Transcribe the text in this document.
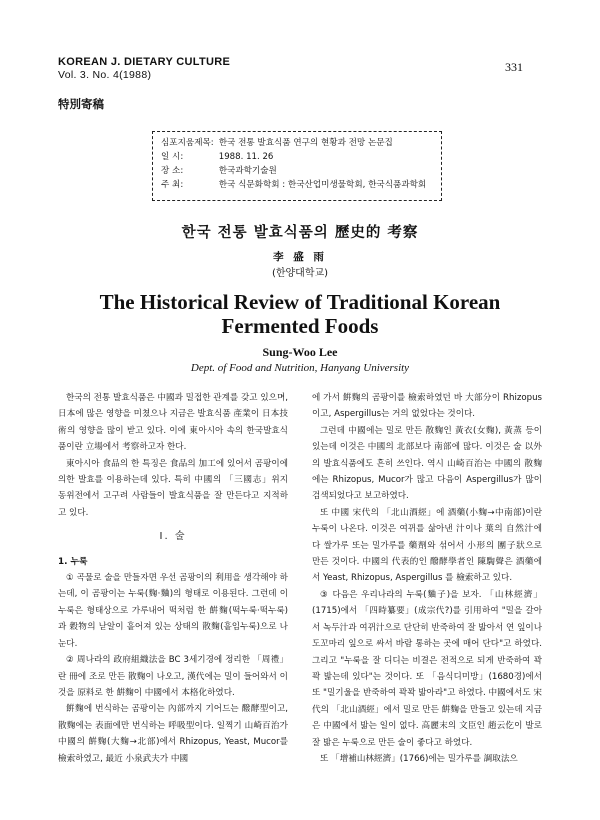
KOREAN J. DIETARY CULTURE
Vol. 3. No. 4(1988)
331
特別寄稿
심포지움제목: 한국 전통 발효식품 연구의 현황과 전망 논문집
일 시:	1988. 11. 26
장 소:	한국과학기술원
주 최:	한국 식문화학회 : 한국산업미생물학회, 한국식품과학회
한국 전통 발효식품의 歷史的 考察
李 盛 雨
(한양대학교)
The Historical Review of Traditional Korean
Fermented Foods
Sung-Woo Lee
Dept. of Food and Nutrition, Hanyang University

한국의 전통 발효식품은 中國과 밀접한 관계를 갖고 있으며, 日本에 많은 영향을 미쳤으나 지금은 발효식품 產業이 日本技術의 영향을 많이 받고 있다. 이에 東아시아 속의 한국발효식품이란 立場에서 考察하고자 한다.

東아시아 食品의 한 특징은 食品의 加工에 있어서 곰팡이에 의한 발효를 이용하는데 있다. 특히 中國의 「三國志」위지 동위전에서 고구려 사람들이 발효식품을 잘 만든다고 지적하고 있다.

I. 술
1. 누룩

① 곡물로 술을 만들자면 우선 곰팡이의 利用을 생각해야 하는데, 이 곰팡이는 누룩(麴·麯)의 형태로 이용된다. 그런데 이 누룩은 형태상으로 가루내어 떡처럼 한 餠麴(떡누룩·떡누룩)과 穀物의 낟알이 흩어져 있는 상태의 散麴(흩임누룩)으로 나눈다.

② 周나라의 政府組織法을 BC 3세기경에 정리한 「周禮」란 冊에 조로 만든 散麴이 나오고, 漢代에는 밀이 들어와서 이것을 原料로 한 餠麴이 中國에서 本格化하였다.

餠麴에 번식하는 곰팡이는 內部까지 기어드는 醱酵型이고, 散麴에는 表面에만 번식하는 呼吸型이다. 일찍기 山崎百治가 中國의 餠麴(大麴→北部)에서 Rhizopus, Yeast, Mucor를 檢索하였고, 最近 小泉武夫가 中國

에 가서 餠麴의 곰팡이를 檢索하였던 바 大部分이 Rhizopus이고, Aspergillus는 거의 없었다는 것이다.

그런데 中國에는 밀로 만든 散麴인 黃衣(女麴), 黃蒸 등이 있는데 이것은 中國의 北部보다 南部에 많다. 이것은 술 以外의 발효식품에도 흔히 쓰인다. 역시 山崎百治는 中國의 散麴에는 Rhizopus, Mucor가 많고 다음이 Aspergillus가 많이 검색되었다고 보고하였다.

또 中國 宋代의 「北山酒經」에 酒藥(小麴→中南部)이란 누룩이 나온다. 이것은 여뀌를 삶아낸 汁이나 葉의 自然汁에다 쌀가루 또는 밀가루를 藥劑와 섞어서 小形의 團子狀으로 만든 것이다. 中國의 代表的인 醱酵學者인 陳騊聲은 酒藥에서 Yeast, Rhizopus, Aspergillus 를 檢索하고 있다.

③ 다음은 우리나라의 누룩(麯子)을 보자. 「山林經濟」(1715)에서 「四時纂要」(成宗代?)를 引用하여 "밀을 갈아서 녹두汁과 여뀌汁으로 단단히 반죽하여 잘 밟아서 연 잎이나 도꼬마리 잎으로 싸서 바람 통하는 곳에 매어 단다"고 하였다. 그리고 "누룩을 잘 디디는 비결은 전적으로 되게 반죽하여 꽉꽉 밟는데 있다"는 것이다. 또 「음식디미방」(1680경)에서 또 "밀기울을 반죽하여 꽉꽉 밟아라"고 하였다. 中國에서도 宋代의 「北山酒經」에서 밀로 만든 餠麴을 만들고 있는데 지금은 中國에서 밟는 일이 없다. 高麗末의 文臣인 趙云仡이 발로 잘 밟은 누룩으로 만든 술이 좋다고 하였다.

또 「增補山林經濟」(1766)에는 밀가루를 調取法으
